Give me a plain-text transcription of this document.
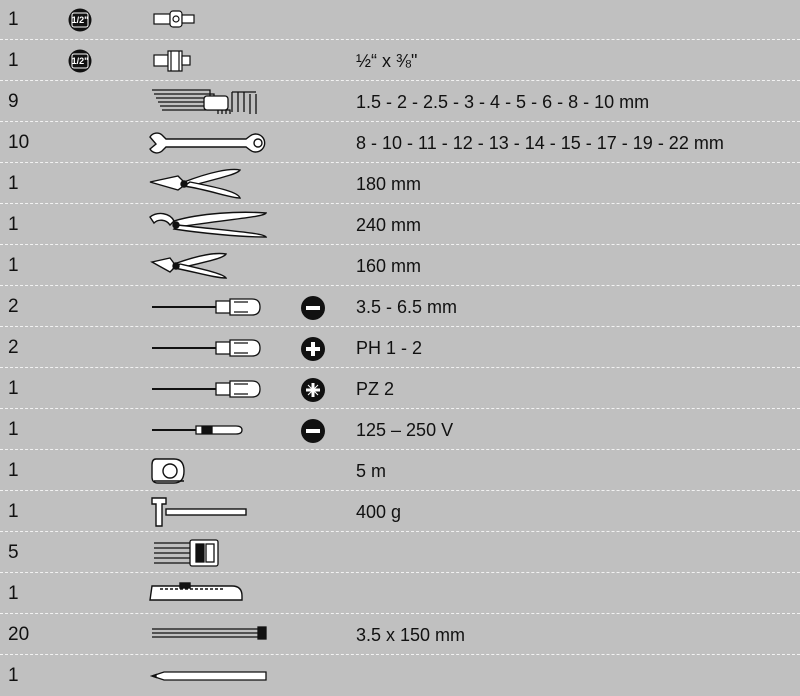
1	1/2"
1	1/2"	½“ x ⅜"
9	1.5 - 2 - 2.5 - 3 - 4 - 5 - 6 - 8 - 10 mm
10	8 - 10 - 11 - 12 - 13 - 14 - 15 - 17 - 19 - 22 mm
1	180 mm
1	240 mm
1	160 mm
2	3.5 - 6.5 mm
2	PH 1 - 2
1	PZ 2
1	125 – 250 V
1	5 m
1	400 g
5
1
20	3.5 x 150 mm
1
